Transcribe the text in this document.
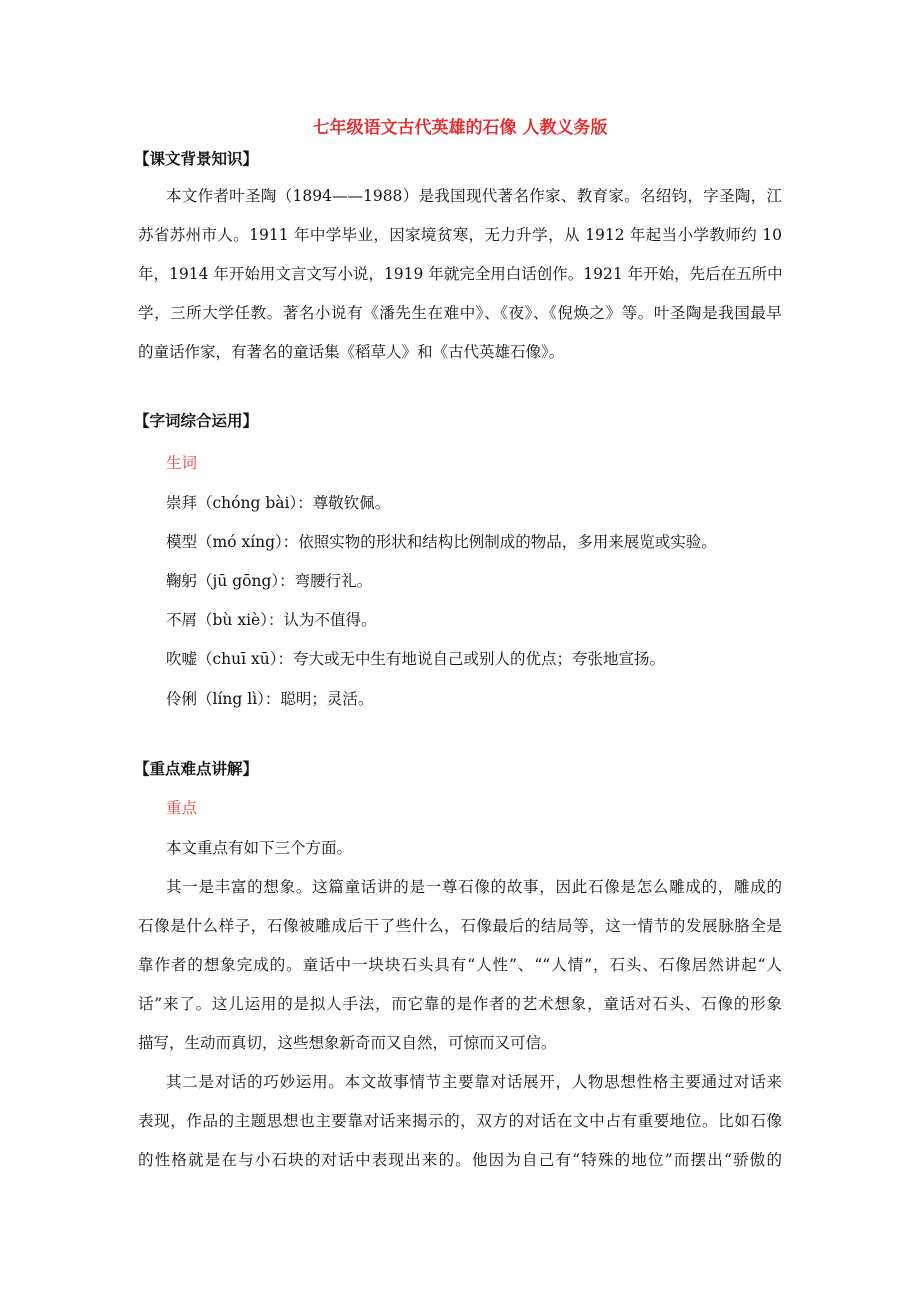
七年级语文古代英雄的石像 人教义务版
【课文背景知识】
本文作者叶圣陶（1894——1988）是我国现代著名作家、教育家。名绍钧，字圣陶，江
苏省苏州市人。1911 年中学毕业，因家境贫寒，无力升学，从 1912 年起当小学教师约 10
年，1914 年开始用文言文写小说，1919 年就完全用白话创作。1921 年开始，先后在五所中
学，三所大学任教。著名小说有《潘先生在难中》、《夜》、《倪焕之》等。叶圣陶是我国最早
的童话作家，有著名的童话集《稻草人》和《古代英雄石像》。
【字词综合运用】
生词
崇拜（chóng bài）：尊敬钦佩。
模型（mó xíng）：依照实物的形状和结构比例制成的物品，多用来展览或实验。
鞠躬（jū gōng）：弯腰行礼。
不屑（bù xiè）：认为不值得。
吹嘘（chuī xū）：夸大或无中生有地说自己或别人的优点；夸张地宣扬。
伶俐（líng lì）：聪明；灵活。
【重点难点讲解】
重点
本文重点有如下三个方面。
其一是丰富的想象。这篇童话讲的是一尊石像的故事，因此石像是怎么雕成的，雕成的
石像是什么样子，石像被雕成后干了些什么，石像最后的结局等，这一情节的发展脉胳全是
靠作者的想象完成的。童话中一块块石头具有“人性”、““人情”，石头、石像居然讲起“人
话”来了。这儿运用的是拟人手法，而它靠的是作者的艺术想象，童话对石头、石像的形象
描写，生动而真切，这些想象新奇而又自然，可惊而又可信。
其二是对话的巧妙运用。本文故事情节主要靠对话展开，人物思想性格主要通过对话来
表现，作品的主题思想也主要靠对话来揭示的，双方的对话在文中占有重要地位。比如石像
的性格就是在与小石块的对话中表现出来的。他因为自己有“特殊的地位”而摆出“骄傲的
